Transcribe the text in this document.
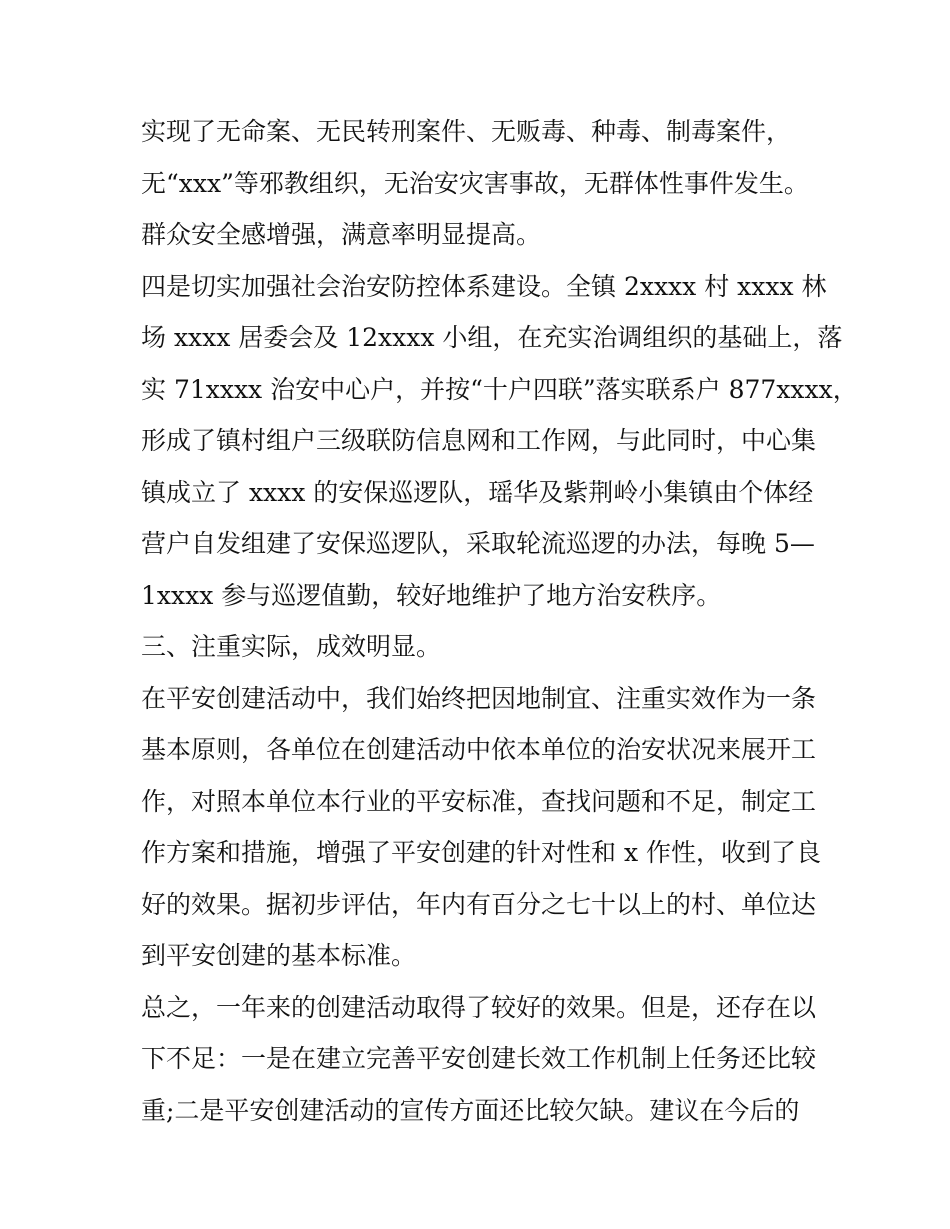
实现了无命案、无民转刑案件、无贩毒、种毒、制毒案件，
无“xxx”等邪教组织，无治安灾害事故，无群体性事件发生。
群众安全感增强，满意率明显提高。
四是切实加强社会治安防控体系建设。全镇 2xxxx 村 xxxx 林
场 xxxx 居委会及 12xxxx 小组，在充实治调组织的基础上，落
实 71xxxx 治安中心户，并按“十户四联”落实联系户 877xxxx，
形成了镇村组户三级联防信息网和工作网，与此同时，中心集
镇成立了 xxxx 的安保巡逻队，瑶华及紫荆岭小集镇由个体经
营户自发组建了安保巡逻队，采取轮流巡逻的办法，每晚 5—
1xxxx 参与巡逻值勤，较好地维护了地方治安秩序。
三、注重实际，成效明显。
在平安创建活动中，我们始终把因地制宜、注重实效作为一条
基本原则，各单位在创建活动中依本单位的治安状况来展开工
作，对照本单位本行业的平安标准，查找问题和不足，制定工
作方案和措施，增强了平安创建的针对性和 x 作性，收到了良
好的效果。据初步评估，年内有百分之七十以上的村、单位达
到平安创建的基本标准。
总之，一年来的创建活动取得了较好的效果。但是，还存在以
下不足：一是在建立完善平安创建长效工作机制上任务还比较
重;二是平安创建活动的宣传方面还比较欠缺。建议在今后的
